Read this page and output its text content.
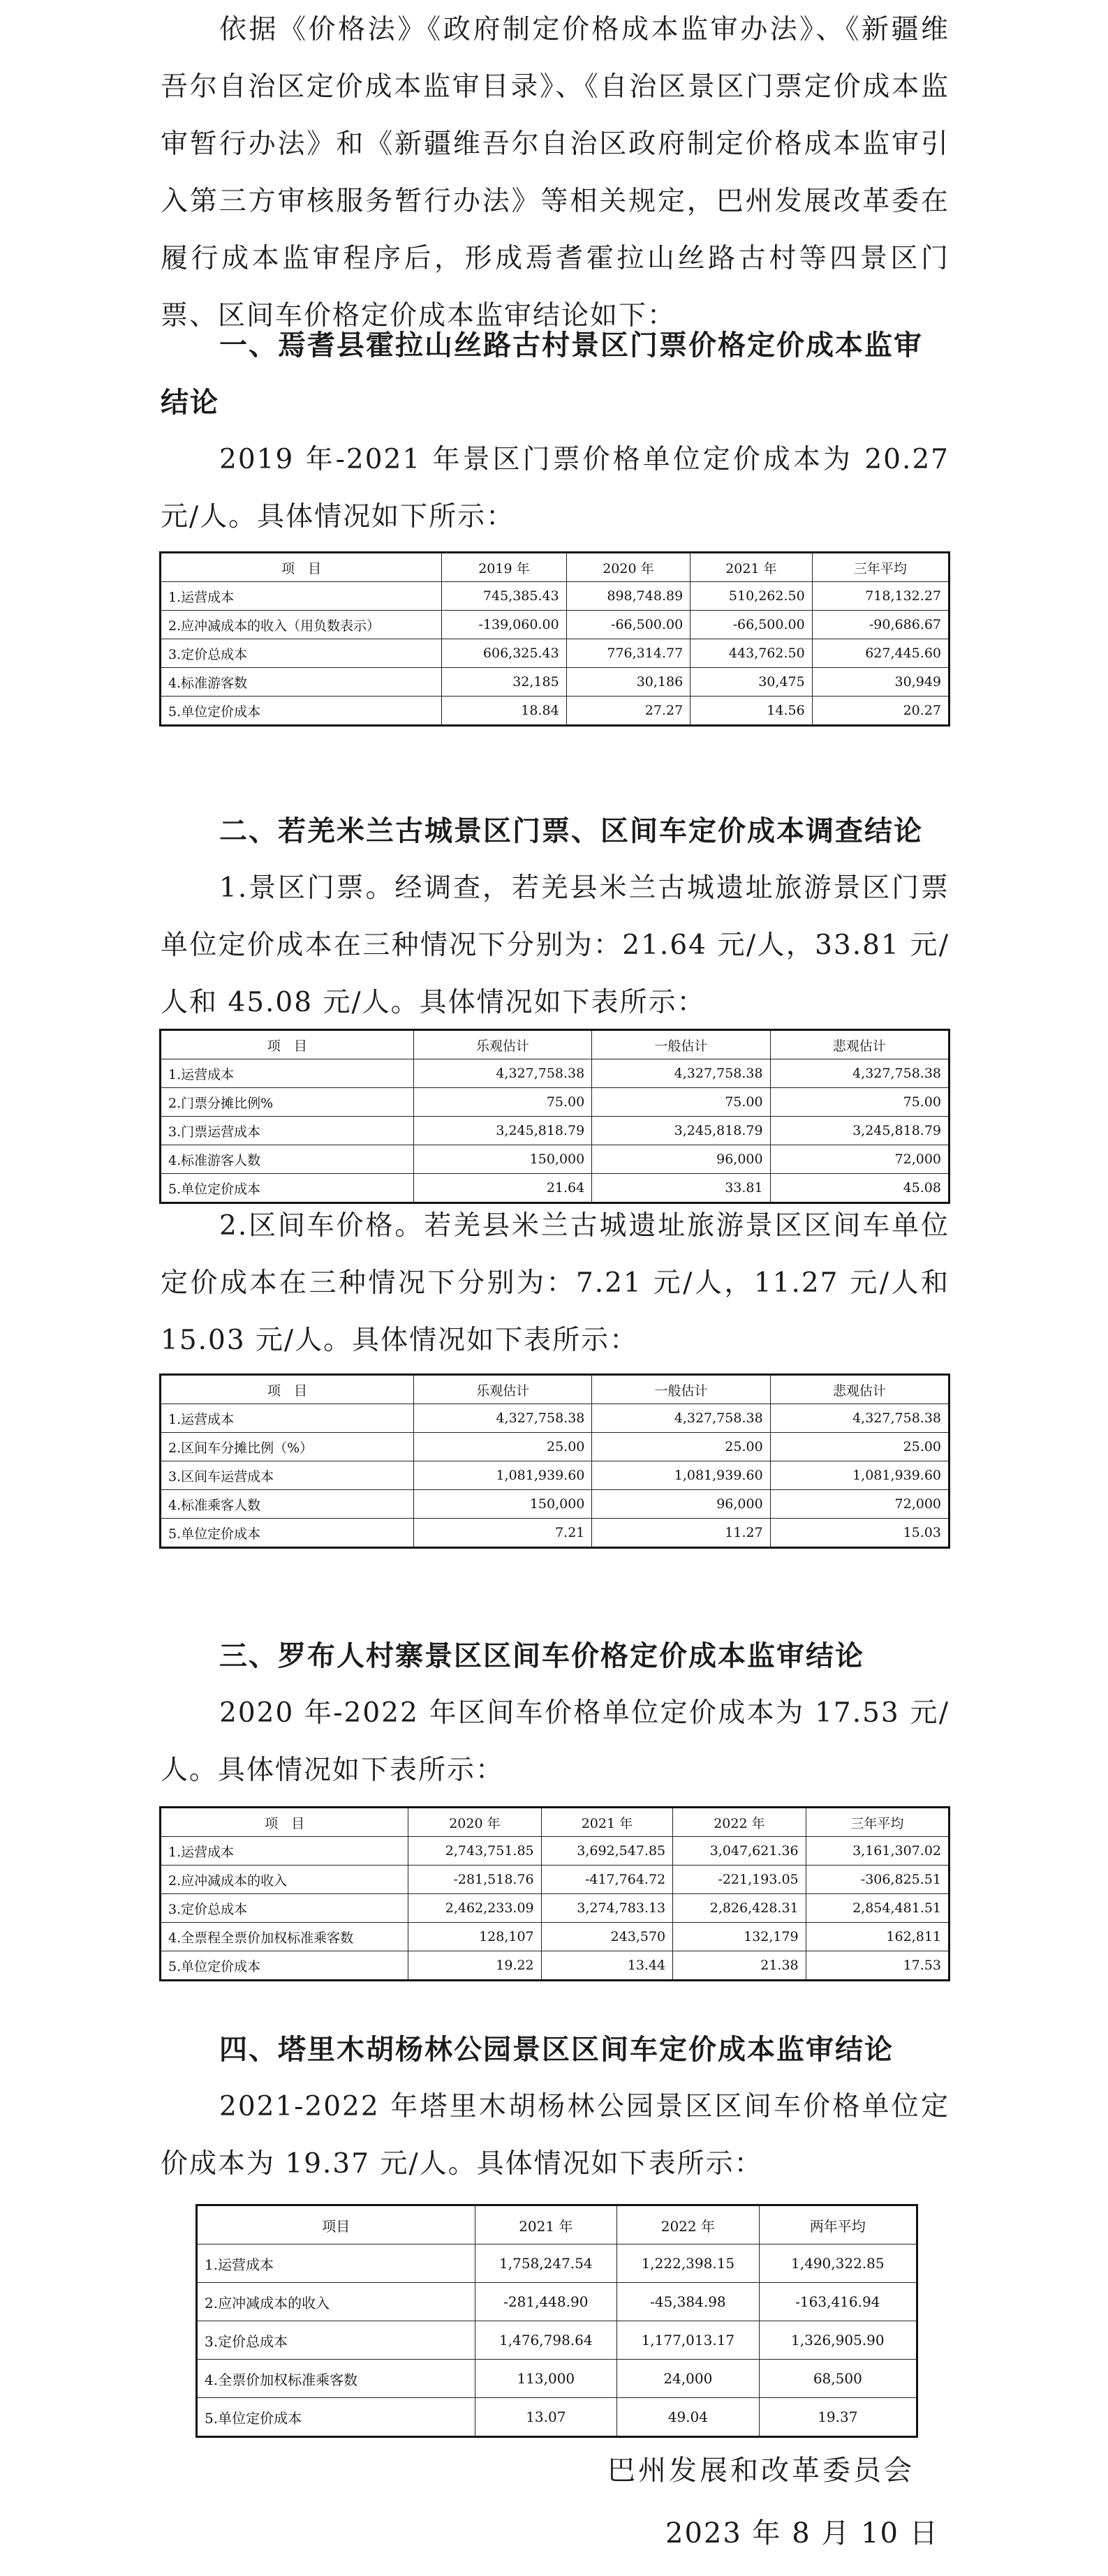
依据《价格法》《政府制定价格成本监审办法》、《新疆维吾尔自治区定价成本监审目录》、《自治区景区门票定价成本监审暂行办法》和《新疆维吾尔自治区政府制定价格成本监审引入第三方审核服务暂行办法》等相关规定，巴州发展改革委在履行成本监审程序后，形成焉耆霍拉山丝路古村等四景区门票、区间车价格定价成本监审结论如下：

一、焉耆县霍拉山丝路古村景区门票价格定价成本监审结论

2019 年-2021 年景区门票价格单位定价成本为 20.27 元/人。具体情况如下所示：

项　目	2019 年	2020 年	2021 年	三年平均
1.运营成本	745,385.43	898,748.89	510,262.50	718,132.27
2.应冲减成本的收入（用负数表示）	-139,060.00	-66,500.00	-66,500.00	-90,686.67
3.定价总成本	606,325.43	776,314.77	443,762.50	627,445.60
4.标准游客数	32,185	30,186	30,475	30,949
5.单位定价成本	18.84	27.27	14.56	20.27
二、若羌米兰古城景区门票、区间车定价成本调查结论

1.景区门票。经调查，若羌县米兰古城遗址旅游景区门票单位定价成本在三种情况下分别为：21.64 元/人，33.81 元/人和 45.08 元/人。具体情况如下表所示：

项　目	乐观估计	一般估计	悲观估计
1.运营成本	4,327,758.38	4,327,758.38	4,327,758.38
2.门票分摊比例%	75.00	75.00	75.00
3.门票运营成本	3,245,818.79	3,245,818.79	3,245,818.79
4.标准游客人数	150,000	96,000	72,000
5.单位定价成本	21.64	33.81	45.08

2.区间车价格。若羌县米兰古城遗址旅游景区区间车单位定价成本在三种情况下分别为：7.21 元/人，11.27 元/人和 15.03 元/人。具体情况如下表所示：

项　目	乐观估计	一般估计	悲观估计
1.运营成本	4,327,758.38	4,327,758.38	4,327,758.38
2.区间车分摊比例（%）	25.00	25.00	25.00
3.区间车运营成本	1,081,939.60	1,081,939.60	1,081,939.60
4.标准乘客人数	150,000	96,000	72,000
5.单位定价成本	7.21	11.27	15.03
三、罗布人村寨景区区间车价格定价成本监审结论

2020 年-2022 年区间车价格单位定价成本为 17.53 元/人。具体情况如下表所示：

项　目	2020 年	2021 年	2022 年	三年平均
1.运营成本	2,743,751.85	3,692,547.85	3,047,621.36	3,161,307.02
2.应冲减成本的收入	-281,518.76	-417,764.72	-221,193.05	-306,825.51
3.定价总成本	2,462,233.09	3,274,783.13	2,826,428.31	2,854,481.51
4.全票程全票价加权标准乘客数	128,107	243,570	132,179	162,811
5.单位定价成本	19.22	13.44	21.38	17.53
四、塔里木胡杨林公园景区区间车定价成本监审结论

2021-2022 年塔里木胡杨林公园景区区间车价格单位定价成本为 19.37 元/人。具体情况如下表所示：

项目	2021 年	2022 年	两年平均
1.运营成本	1,758,247.54	1,222,398.15	1,490,322.85
2.应冲减成本的收入	-281,448.90	-45,384.98	-163,416.94
3.定价总成本	1,476,798.64	1,177,013.17	1,326,905.90
4.全票价加权标准乘客数	113,000	24,000	68,500
5.单位定价成本	13.07	49.04	19.37
巴州发展和改革委员会
2023 年 8 月 10 日
